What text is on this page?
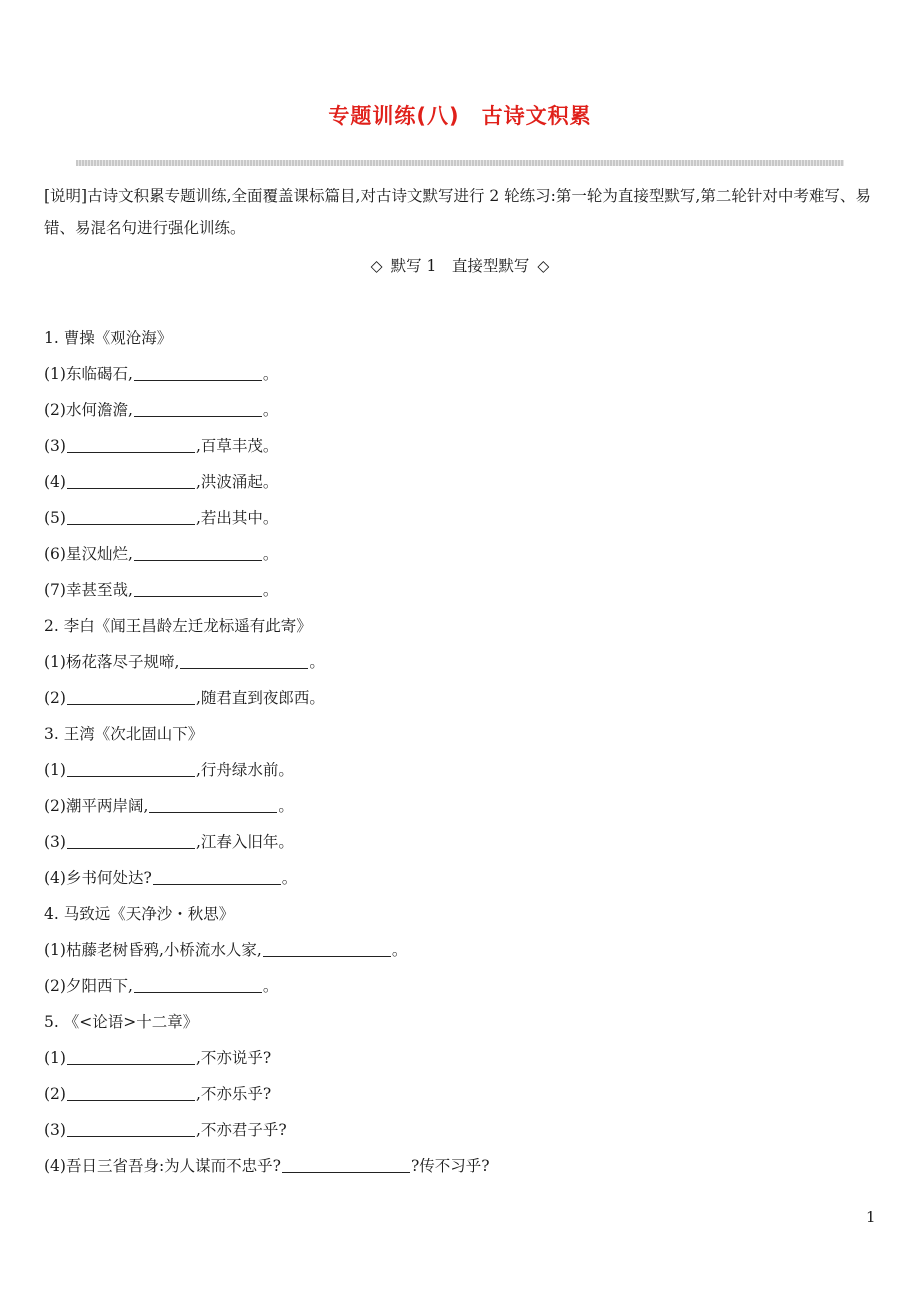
专题训练(八)　古诗文积累
[说明]古诗文积累专题训练,全面覆盖课标篇目,对古诗文默写进行 2 轮练习:第一轮为直接型默写,第二轮针对中考难写、易错、易混名句进行强化训练。
◇ 默写 1　直接型默写 ◇
1. 曹操《观沧海》
(1)东临碣石,	。
(2)水何澹澹,	。
(3)	,百草丰茂。
(4)	,洪波涌起。
(5)	,若出其中。
(6)星汉灿烂,	。
(7)幸甚至哉,	。
2. 李白《闻王昌龄左迁龙标遥有此寄》
(1)杨花落尽子规啼,	。
(2)	,随君直到夜郎西。
3. 王湾《次北固山下》
(1)	,行舟绿水前。
(2)潮平两岸阔,	。
(3)	,江春入旧年。
(4)乡书何处达?	。
4. 马致远《天净沙・秋思》
(1)枯藤老树昏鸦,小桥流水人家,	。
(2)夕阳西下,	。
5. 《<论语>十二章》
(1)	,不亦说乎?
(2)	,不亦乐乎?
(3)	,不亦君子乎?
(4)吾日三省吾身:为人谋而不忠乎?	?传不习乎?
1
